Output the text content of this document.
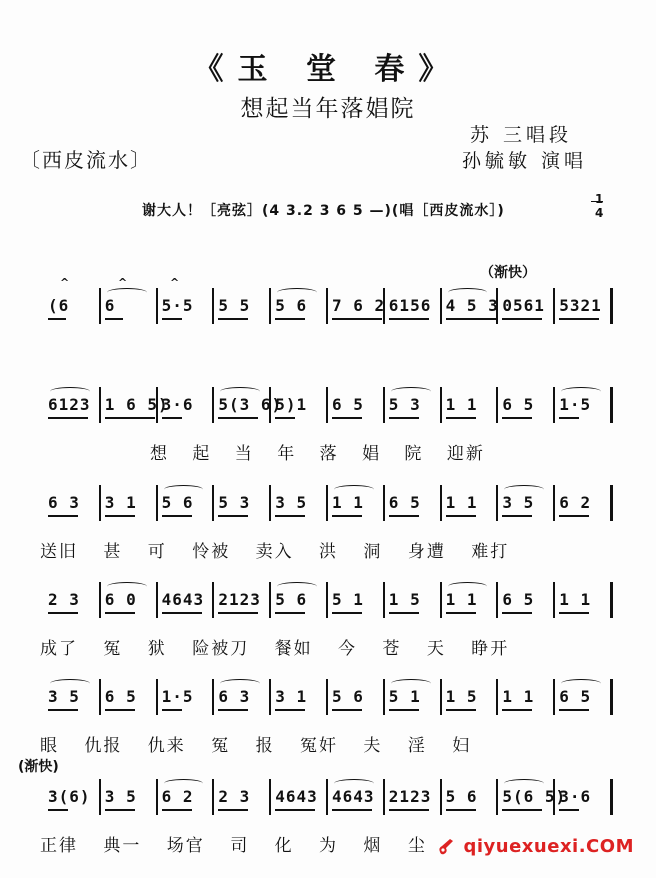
《玉 堂 春》
想起当年落娼院
苏 三唱段
孙毓敏 演唱
〔西皮流水〕
谢大人！［亮弦］(4 3.2 3 6 5 —)(唱［西皮流水］)
1
4
（渐快）
(渐快)
(6 6	5·5 5 5 5 6 7 6 2 6156 4 5 3 0561 5321
6123 1 6 5)
3·6 5(3 6)
5)1 6 5 5 3 1 1 6 5 1·5
想 起 当 年 落 娼 院 迎新
6 3 3 1 5 6 5 3 3 5 1 1 6 5 1 1 3 5 6 2
送旧 甚 可 怜被 卖入 洪 洞 身遭 难打
2 3 6 0 4643 2123 5 6 5 1 1 5 1 1 6 5 1 1
成了 冤 狱 险被刀 餐如 今 苍 天 睁开
3 5 6 5 1·5 6 3 3 1 5 6 5 1 1 5 1 1 6 5
眼 仇报 仇来 冤 报 冤奸 夫 淫 妇
3(6) 3 5 6 2 2 3 4643 4643 2123 5 6 5(6 5)
3·6
正律 典一 场官 司 化 为 烟 尘
^	^	^
qiyuexuexi.COM
